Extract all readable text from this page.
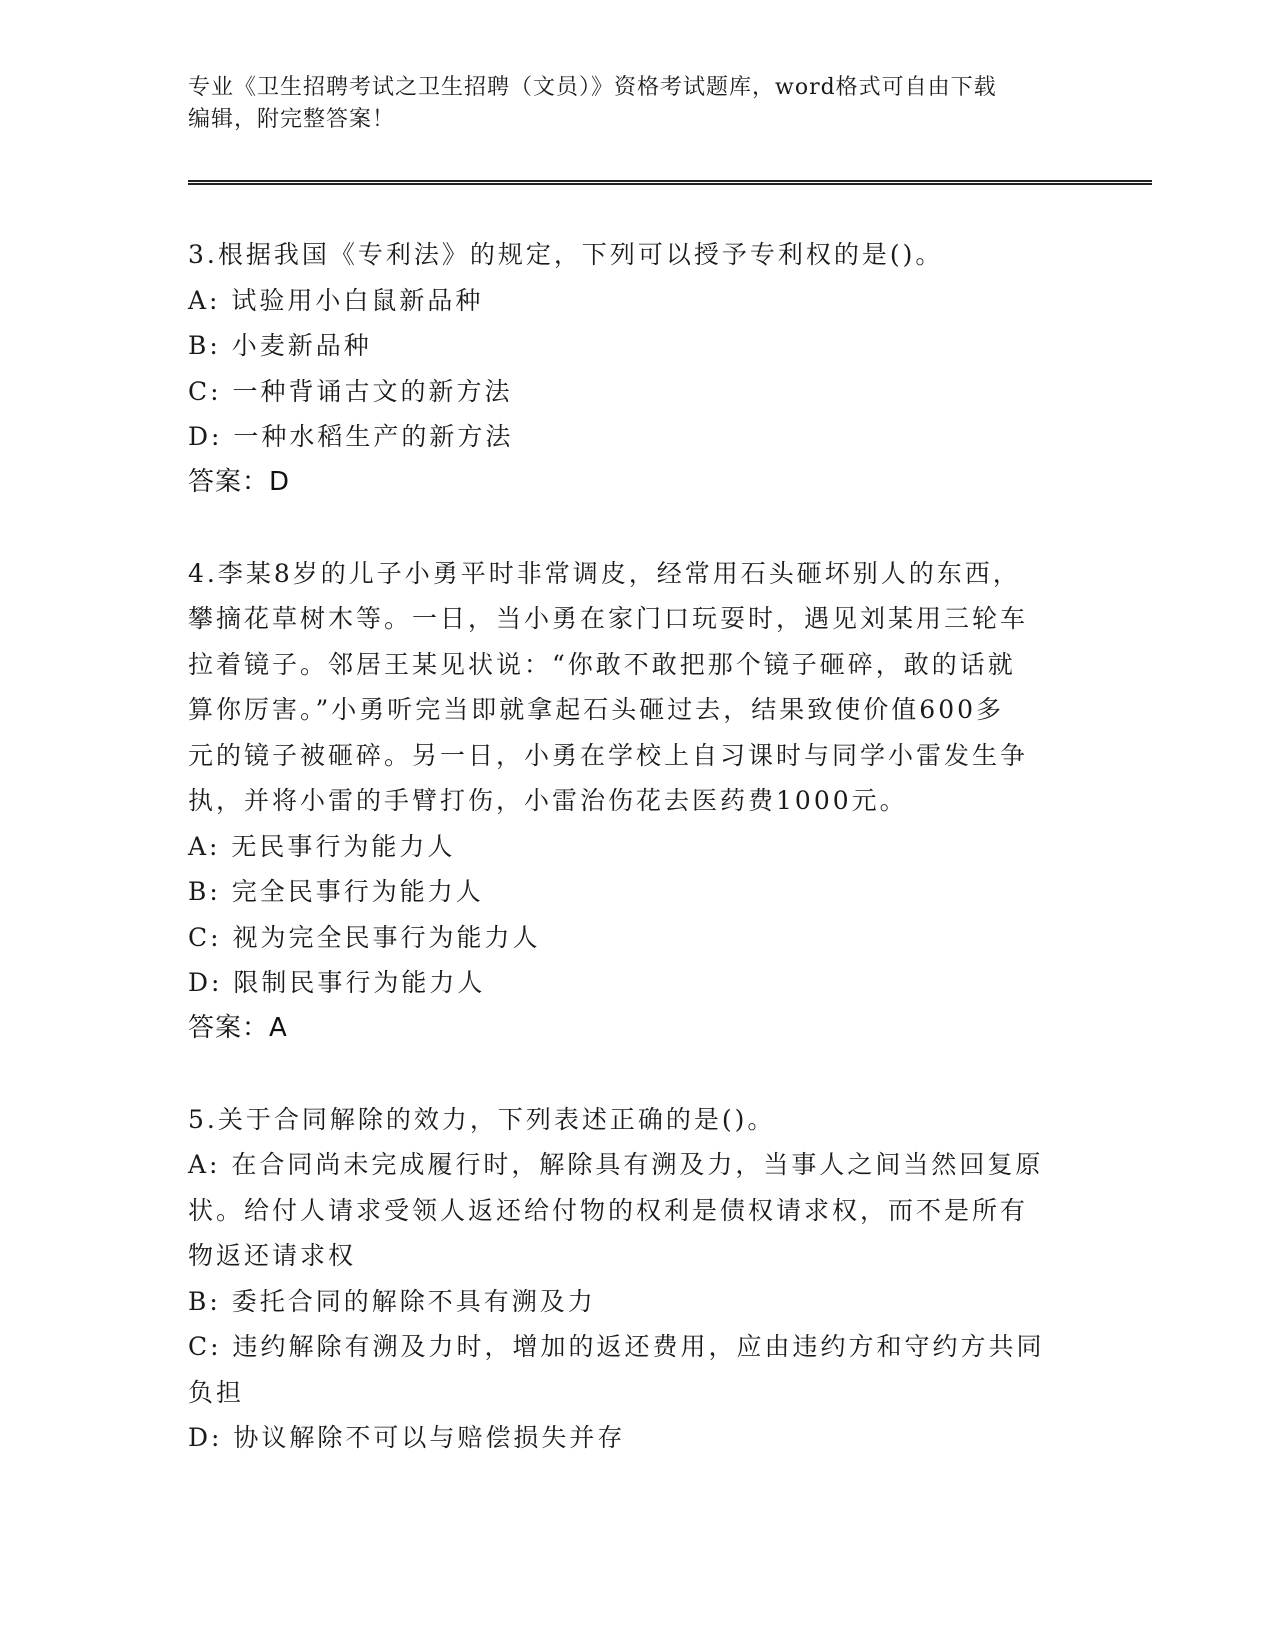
专业《卫生招聘考试之卫生招聘（文员）》资格考试题库，word格式可自由下载
编辑，附完整答案！
3.根据我国《专利法》的规定，下列可以授予专利权的是()。
A: 试验用小白鼠新品种
B: 小麦新品种
C: 一种背诵古文的新方法
D: 一种水稻生产的新方法
答案：D
4.李某8岁的儿子小勇平时非常调皮，经常用石头砸坏别人的东西，
攀摘花草树木等。一日，当小勇在家门口玩耍时，遇见刘某用三轮车
拉着镜子。邻居王某见状说：“你敢不敢把那个镜子砸碎，敢的话就
算你厉害。”小勇听完当即就拿起石头砸过去，结果致使价值600多
元的镜子被砸碎。另一日，小勇在学校上自习课时与同学小雷发生争
执，并将小雷的手臂打伤，小雷治伤花去医药费1000元。
A: 无民事行为能力人
B: 完全民事行为能力人
C: 视为完全民事行为能力人
D: 限制民事行为能力人
答案：A
5.关于合同解除的效力，下列表述正确的是()。
A: 在合同尚未完成履行时，解除具有溯及力，当事人之间当然回复原
状。给付人请求受领人返还给付物的权利是债权请求权，而不是所有
物返还请求权
B: 委托合同的解除不具有溯及力
C: 违约解除有溯及力时，增加的返还费用，应由违约方和守约方共同
负担
D: 协议解除不可以与赔偿损失并存
